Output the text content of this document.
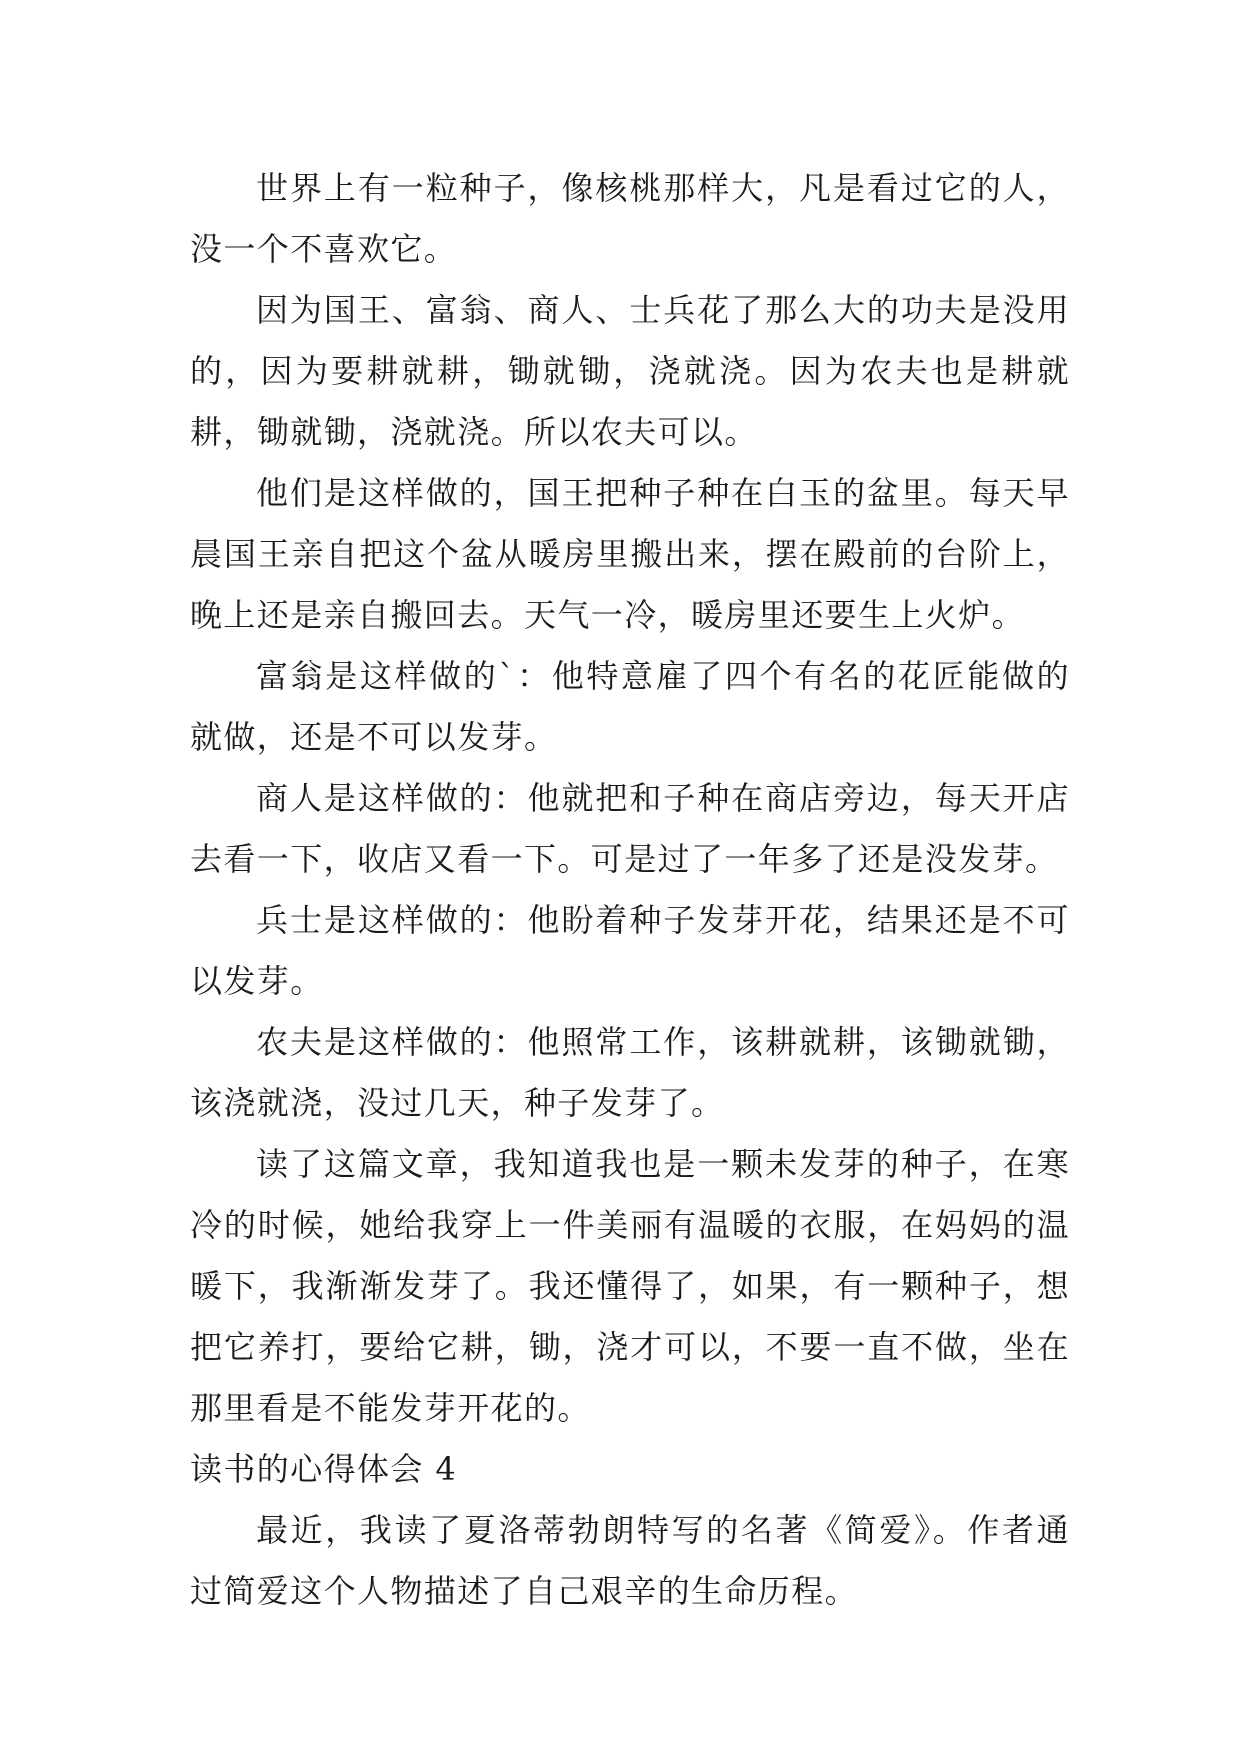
世界上有一粒种子，像核桃那样大，凡是看过它的人，没一个不喜欢它。

因为国王、富翁、商人、士兵花了那么大的功夫是没用的，因为要耕就耕，锄就锄，浇就浇。因为农夫也是耕就耕，锄就锄，浇就浇。所以农夫可以。

他们是这样做的，国王把种子种在白玉的盆里。每天早晨国王亲自把这个盆从暖房里搬出来，摆在殿前的台阶上，晚上还是亲自搬回去。天气一冷，暖房里还要生上火炉。

富翁是这样做的`：他特意雇了四个有名的花匠能做的就做，还是不可以发芽。

商人是这样做的：他就把和子种在商店旁边，每天开店去看一下，收店又看一下。可是过了一年多了还是没发芽。

兵士是这样做的：他盼着种子发芽开花，结果还是不可以发芽。

农夫是这样做的：他照常工作，该耕就耕，该锄就锄，该浇就浇，没过几天，种子发芽了。

读了这篇文章，我知道我也是一颗未发芽的种子，在寒冷的时候，她给我穿上一件美丽有温暖的衣服，在妈妈的温暖下，我渐渐发芽了。我还懂得了，如果，有一颗种子，想把它养打，要给它耕，锄，浇才可以，不要一直不做，坐在那里看是不能发芽开花的。

读书的心得体会 4

最近，我读了夏洛蒂勃朗特写的名著《简爱》。作者通过简爱这个人物描述了自己艰辛的生命历程。
